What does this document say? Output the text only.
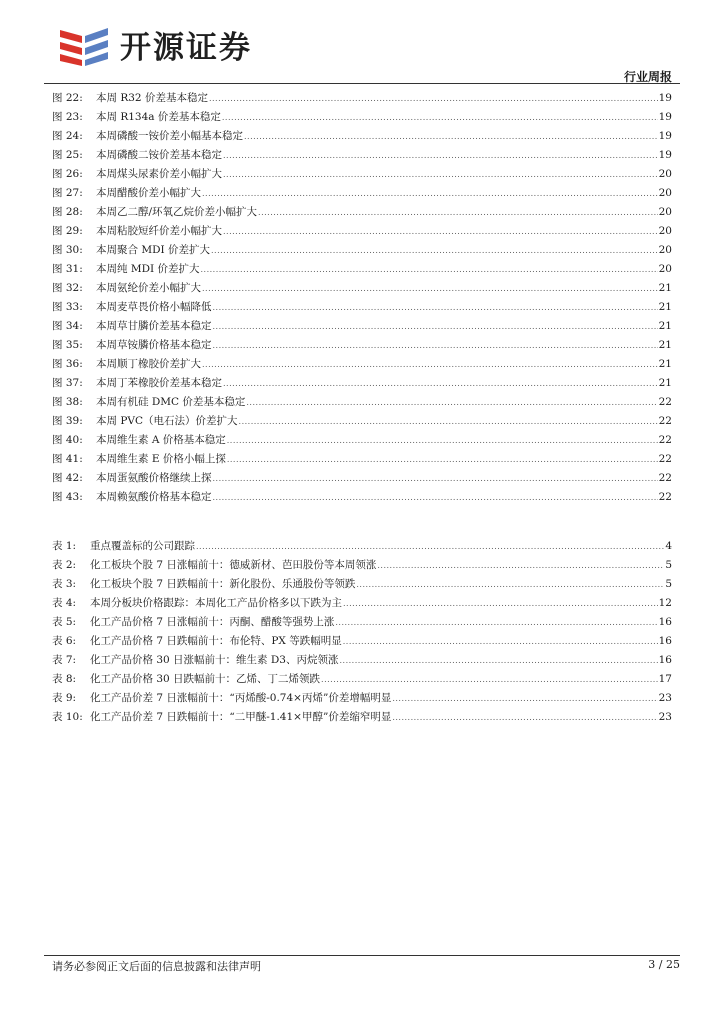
开源证券
行业周报
图 22:	本周 R32 价差基本稳定 .....	19
图 23:	本周 R134a 价差基本稳定 .....	19
图 24:	本周磷酸一铵价差小幅基本稳定 .....	19
图 25:	本周磷酸二铵价差基本稳定 .....	19
图 26:	本周煤头尿素价差小幅扩大 .....	20
图 27:	本周醋酸价差小幅扩大 .....	20
图 28:	本周乙二醇/环氧乙烷价差小幅扩大 .....	20
图 29:	本周粘胶短纤价差小幅扩大 .....	20
图 30:	本周聚合 MDI 价差扩大 .....	20
图 31:	本周纯 MDI 价差扩大 .....	20
图 32:	本周氨纶价差小幅扩大 .....	21
图 33:	本周麦草畏价格小幅降低 .....	21
图 34:	本周草甘膦价差基本稳定 .....	21
图 35:	本周草铵膦价格基本稳定 .....	21
图 36:	本周顺丁橡胶价差扩大 .....	21
图 37:	本周丁苯橡胶价差基本稳定 .....	21
图 38:	本周有机硅 DMC 价差基本稳定 .....	22
图 39:	本周 PVC（电石法）价差扩大 .....	22
图 40:	本周维生素 A 价格基本稳定 .....	22
图 41:	本周维生素 E 价格小幅上探 .....	22
图 42:	本周蛋氨酸价格继续上探 .....	22
图 43:	本周赖氨酸价格基本稳定 .....	22
表 1:	重点覆盖标的公司跟踪 .....	4
表 2:	化工板块个股 7 日涨幅前十：德威新材、芭田股份等本周领涨 .....	5
表 3:	化工板块个股 7 日跌幅前十：新化股份、乐通股份等领跌 .....	5
表 4:	本周分板块价格跟踪：本周化工产品价格多以下跌为主 .....	12
表 5:	化工产品价格 7 日涨幅前十：丙酮、醋酸等强势上涨 .....	16
表 6:	化工产品价格 7 日跌幅前十：布伦特、PX 等跌幅明显 .....	16
表 7:	化工产品价格 30 日涨幅前十：维生素 D3、丙烷领涨 .....	16
表 8:	化工产品价格 30 日跌幅前十：乙烯、丁二烯领跌 .....	17
表 9:	化工产品价差 7 日涨幅前十：“丙烯酸-0.74×丙烯”价差增幅明显 .....	23
表 10: 化工产品价差 7 日跌幅前十：“二甲醚-1.41×甲醇”价差缩窄明显 .....	23
请务必参阅正文后面的信息披露和法律声明	3 / 25
